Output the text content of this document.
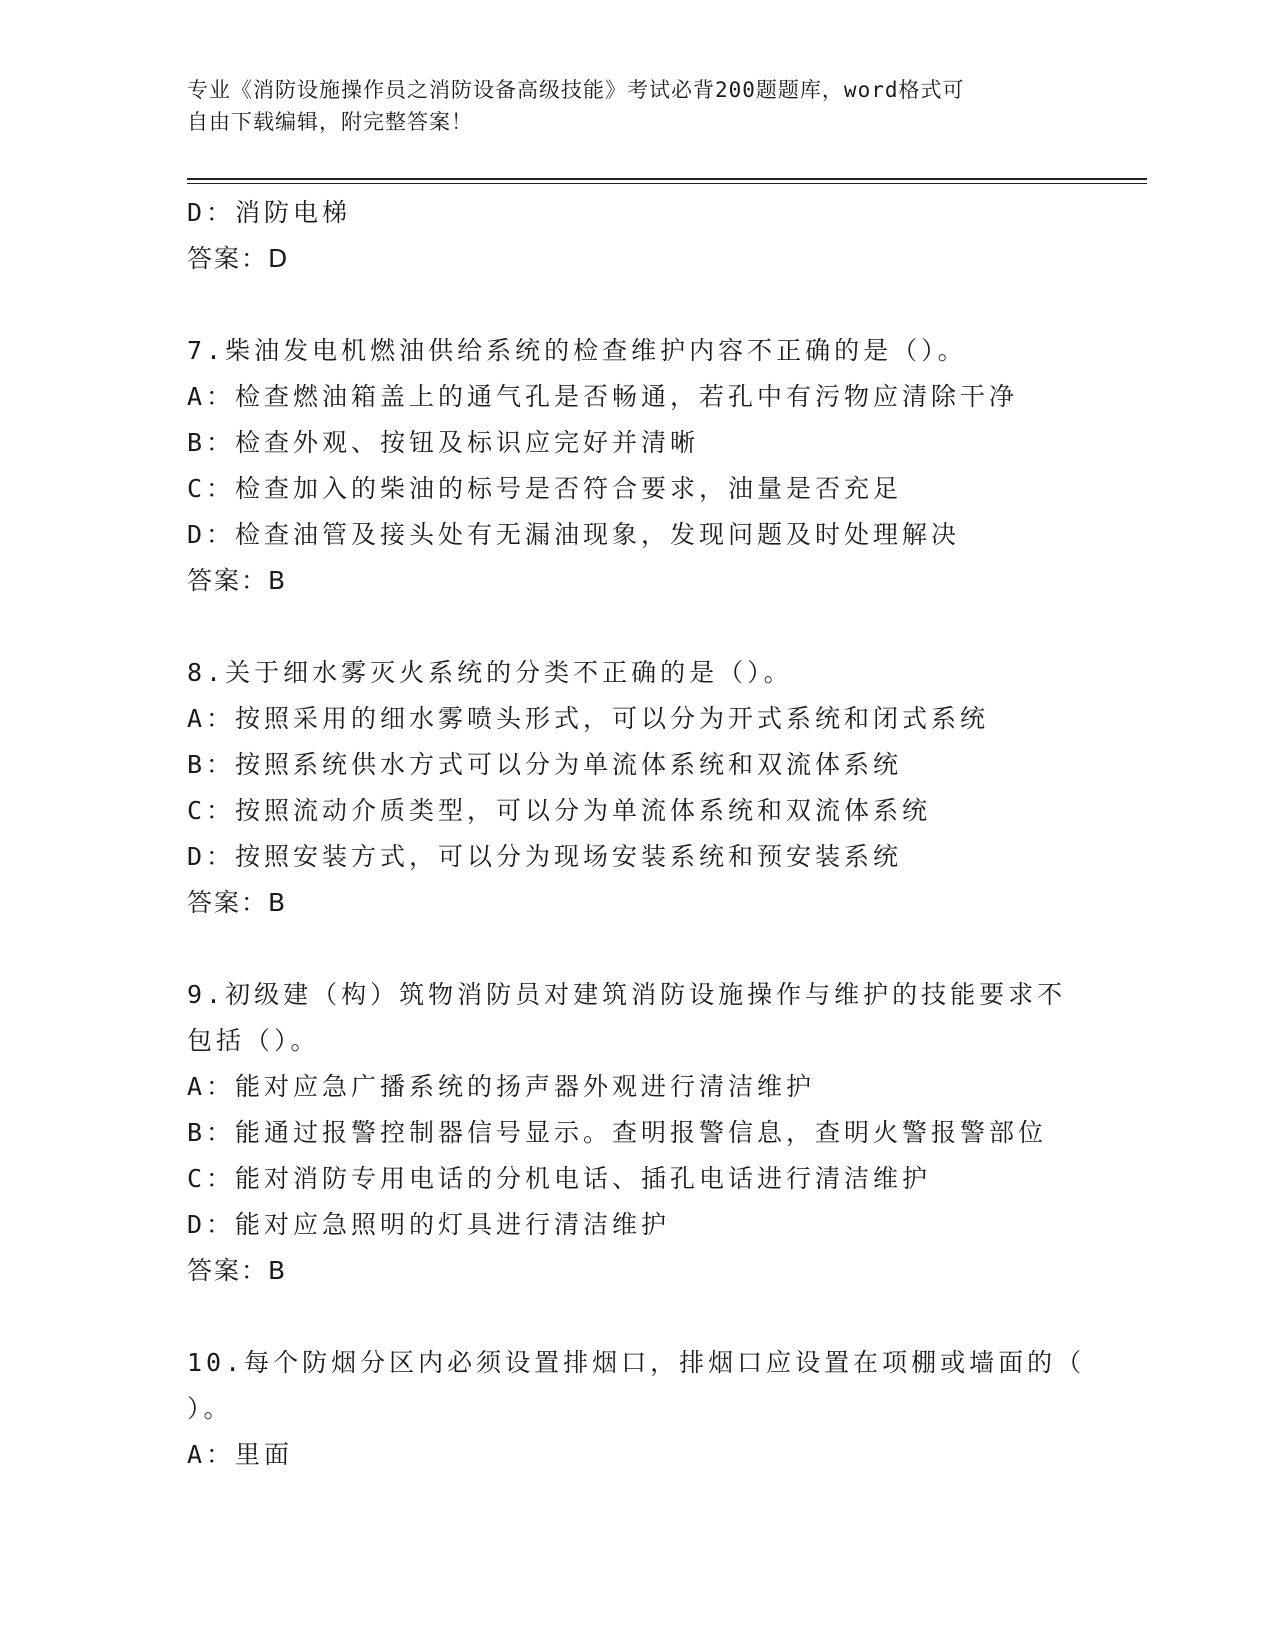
专业《消防设施操作员之消防设备高级技能》考试必背200题题库，word格式可
自由下载编辑，附完整答案！
D：消防电梯
答案：D
7.柴油发电机燃油供给系统的检查维护内容不正确的是（）。
A：检查燃油箱盖上的通气孔是否畅通，若孔中有污物应清除干净
B：检查外观、按钮及标识应完好并清晰
C：检查加入的柴油的标号是否符合要求，油量是否充足
D：检查油管及接头处有无漏油现象，发现问题及时处理解决
答案：B
8.关于细水雾灭火系统的分类不正确的是（）。
A：按照采用的细水雾喷头形式，可以分为开式系统和闭式系统
B：按照系统供水方式可以分为单流体系统和双流体系统
C：按照流动介质类型，可以分为单流体系统和双流体系统
D：按照安装方式，可以分为现场安装系统和预安装系统
答案：B
9.初级建（构）筑物消防员对建筑消防设施操作与维护的技能要求不
包括（）。
A：能对应急广播系统的扬声器外观进行清洁维护
B：能通过报警控制器信号显示。查明报警信息，查明火警报警部位
C：能对消防专用电话的分机电话、插孔电话进行清洁维护
D：能对应急照明的灯具进行清洁维护
答案：B
10.每个防烟分区内必须设置排烟口，排烟口应设置在项棚或墙面的（
）。
A：里面
